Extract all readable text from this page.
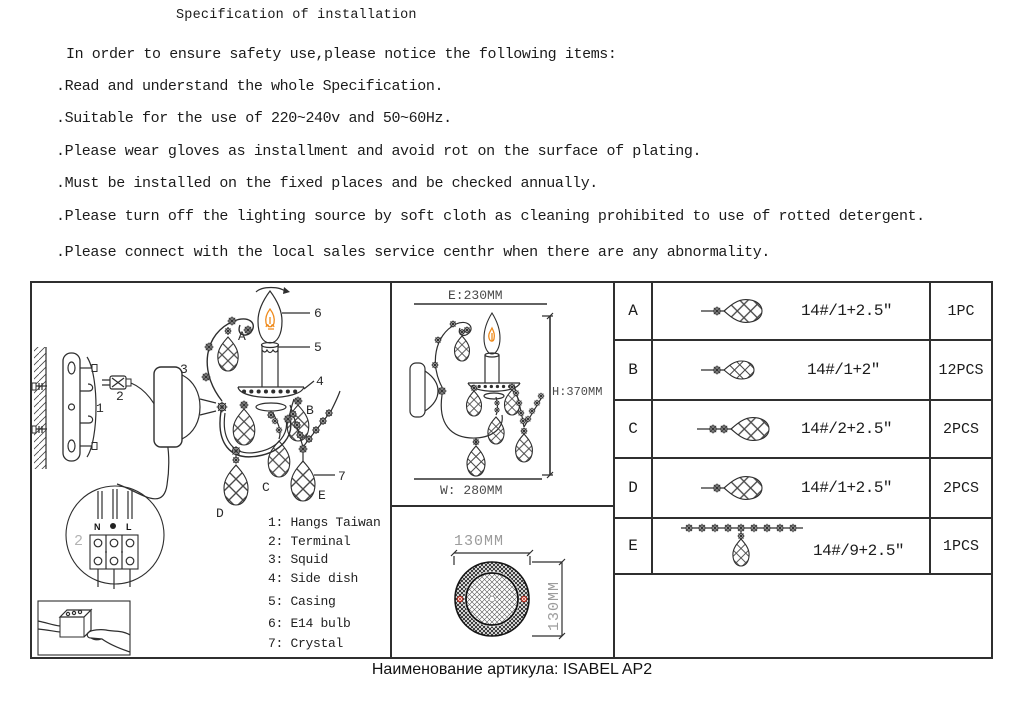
Specification of installation
In order to ensure safety use,please notice the following items:
.Read and understand the whole Specification.
.Suitable for the use of 220~240v and 50~60Hz.
.Please wear gloves as installment and avoid rot on the surface of plating.
.Must be installed on the fixed places and be checked annually.
.Please turn off the lighting source by soft cloth as cleaning prohibited to use of rotted detergent.
.Please connect with the local sales service centhr when there are any abnormality.
1
2
3
4
5
6
7
A
B
C
D
E
N	L
2
1: Hangs Taiwan
2: Terminal
3: Squid
4: Side dish
5: Casing
6: E14 bulb
7: Crystal
E:230MM
H:370MM
W: 280MM
130MM
130MM
A	14#/1+2.5″	1PC
B	14#/1+2″	12PCS
C	14#/2+2.5″	2PCS
D	14#/1+2.5″	2PCS
E	14#/9+2.5″	1PCS
Наименование артикула: ISABEL AP2
